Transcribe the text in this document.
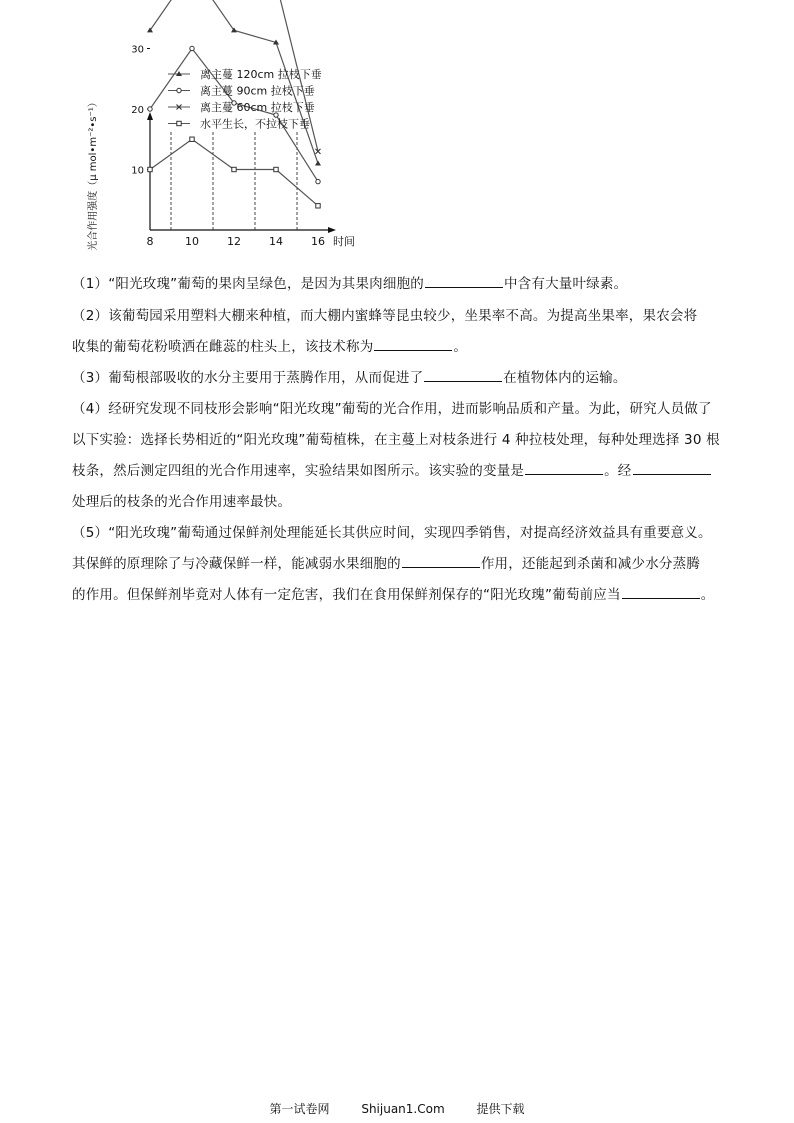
8	10	12	14	16 时间
10
20
30
光合作用强度（μ mol•m⁻²•s⁻¹）
离主蔓 120cm 拉枝下垂
离主蔓 90cm 拉枝下垂
离主蔓 60cm 拉枝下垂
水平生长，不拉枝下垂
（1）“阳光玫瑰”葡萄的果肉呈绿色，是因为其果肉细胞的	中含有大量叶绿素。
（2）该葡萄园采用塑料大棚来种植，而大棚内蜜蜂等昆虫较少，坐果率不高。为提高坐果率，果农会将
收集的葡萄花粉喷洒在雌蕊的柱头上，该技术称为	。
（3）葡萄根部吸收的水分主要用于蒸腾作用，从而促进了	在植物体内的运输。
（4）经研究发现不同枝形会影响“阳光玫瑰”葡萄的光合作用，进而影响品质和产量。为此，研究人员做了
以下实验：选择长势相近的“阳光玫瑰”葡萄植株，在主蔓上对枝条进行 4 种拉枝处理，每种处理选择 30 根
枝条，然后测定四组的光合作用速率，实验结果如图所示。该实验的变量是	。经
处理后的枝条的光合作用速率最快。
（5）“阳光玫瑰”葡萄通过保鲜剂处理能延长其供应时间，实现四季销售，对提高经济效益具有重要意义。
其保鲜的原理除了与冷藏保鲜一样，能减弱水果细胞的	作用，还能起到杀菌和减少水分蒸腾
的作用。但保鲜剂毕竟对人体有一定危害，我们在食用保鲜剂保存的“阳光玫瑰”葡萄前应当	。
第一试卷网	Shijuan1.Com	提供下载
